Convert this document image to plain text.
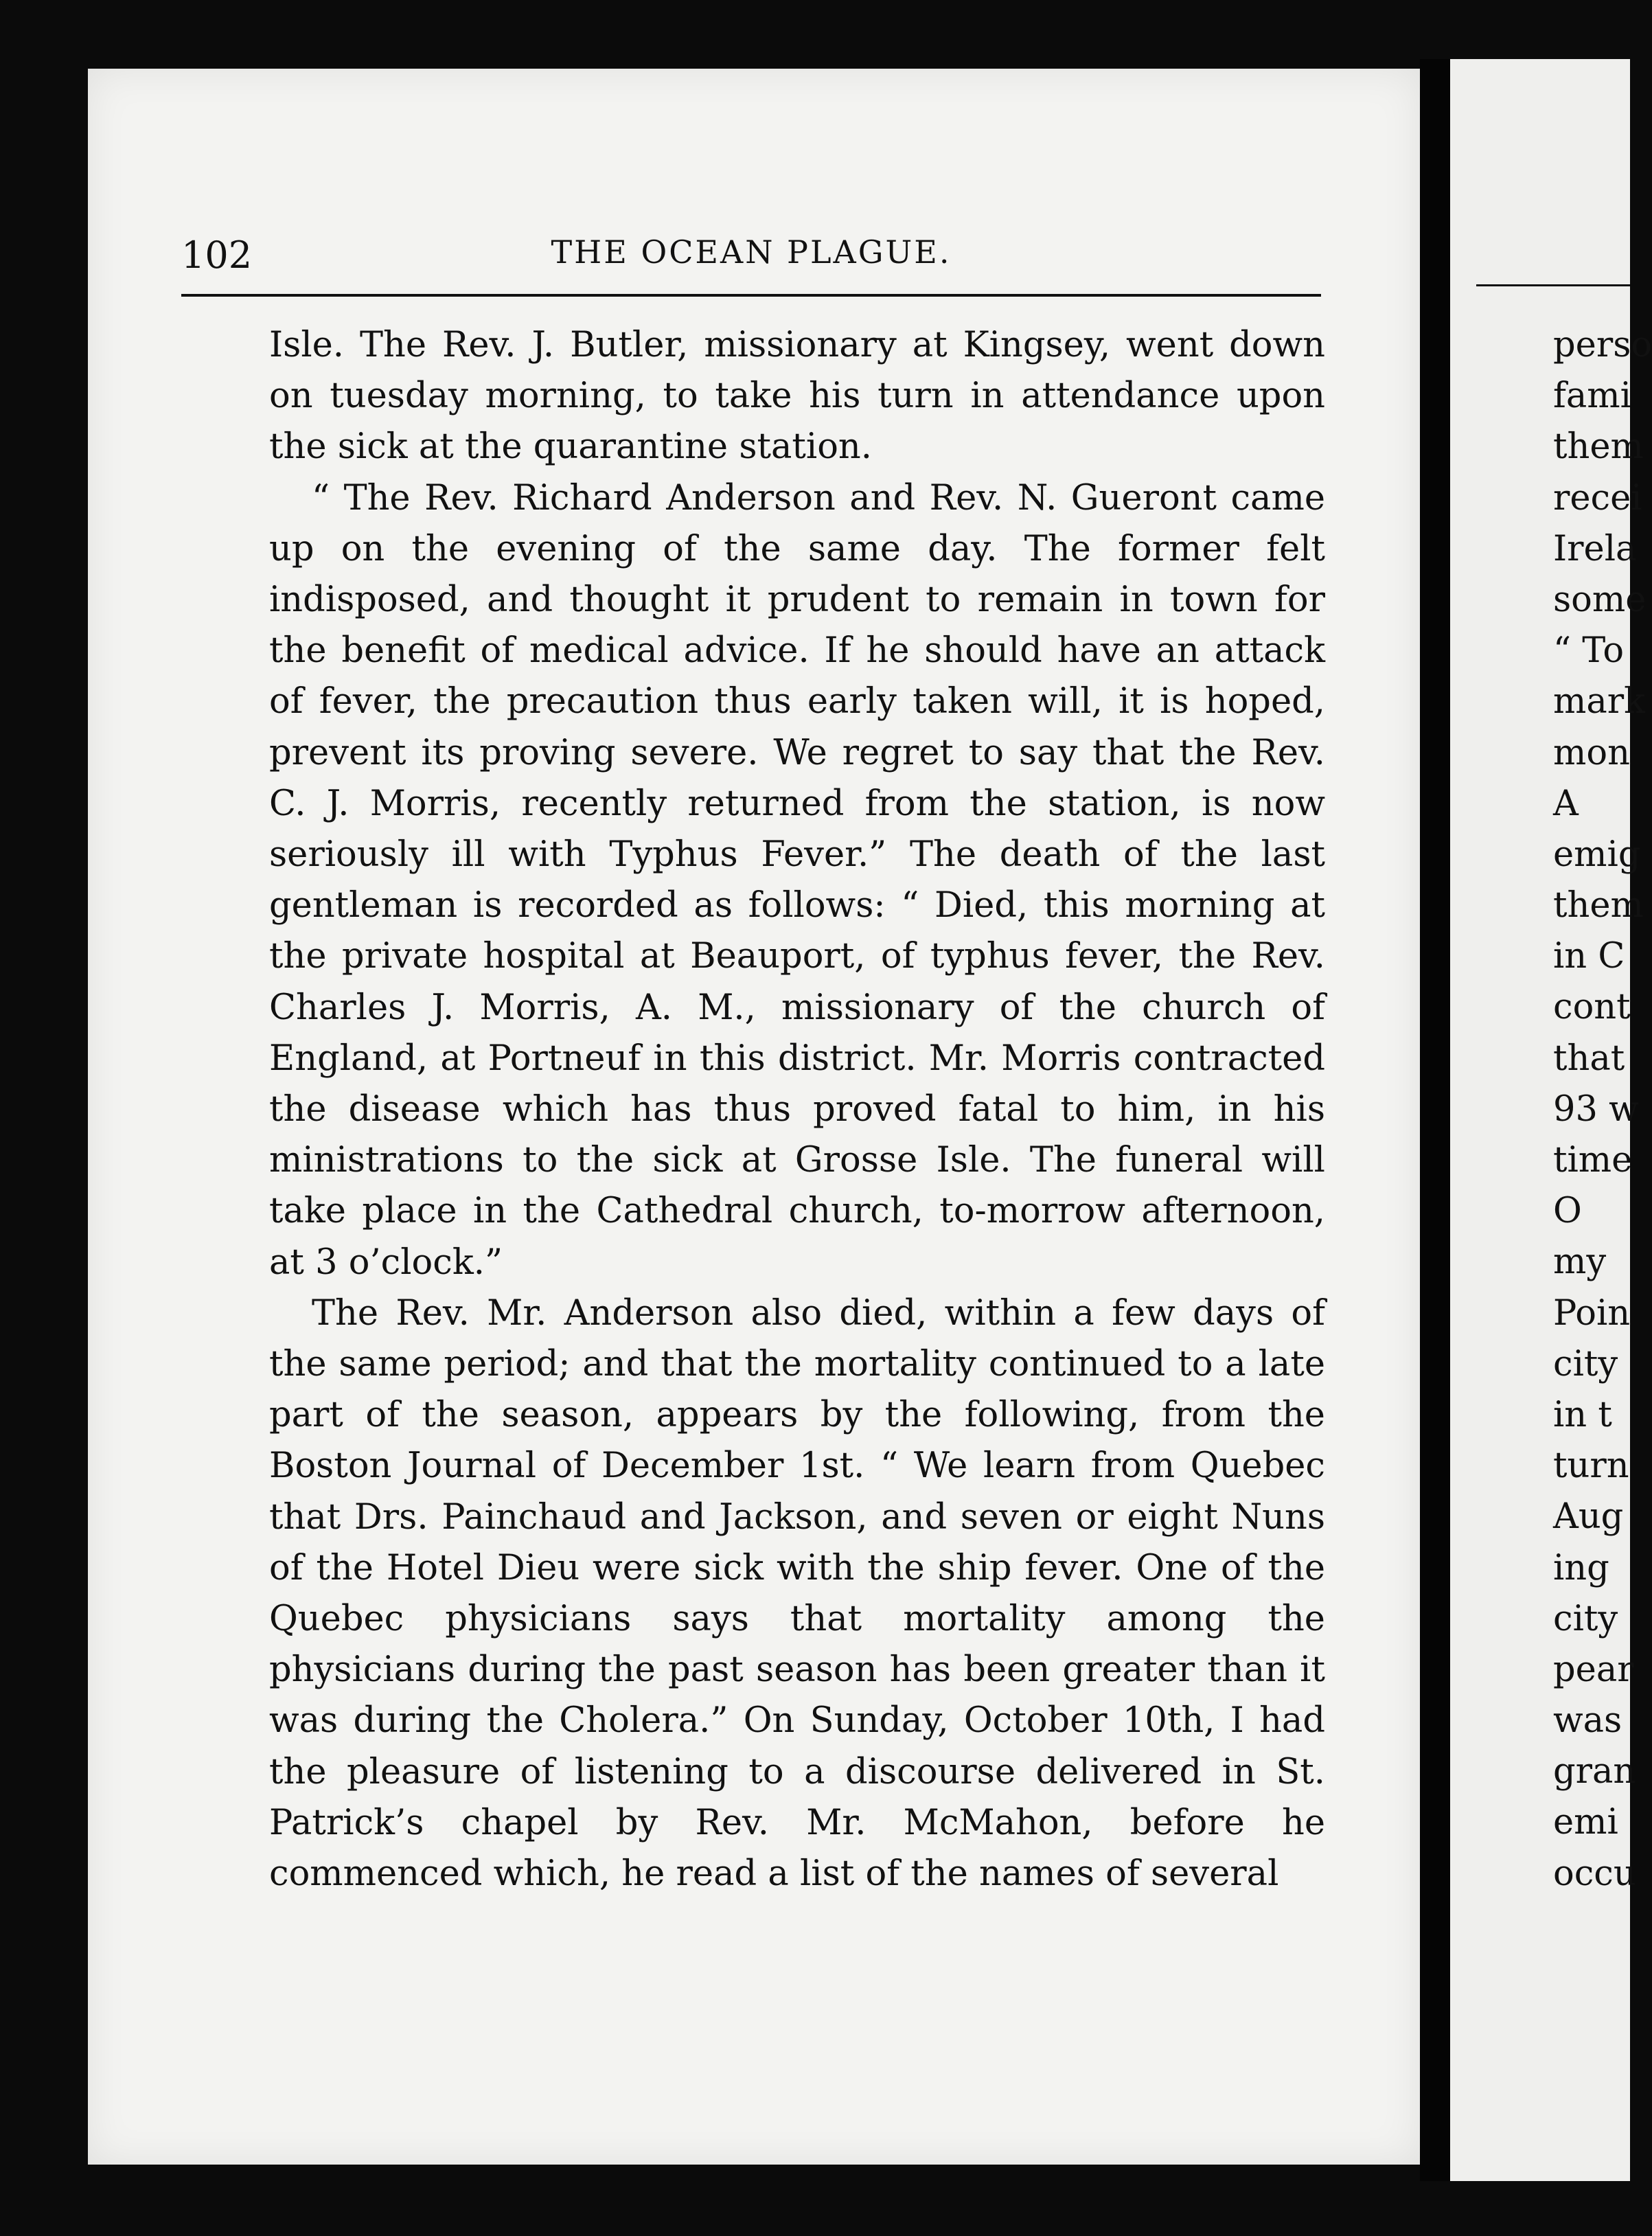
102	THE OCEAN PLAGUE.

Isle. The Rev. J. Butler, missionary at Kingsey, went down on tuesday morning, to take his turn in attendance upon the sick at the quarantine station.

“ The Rev. Richard Anderson and Rev. N. Gueront came up on the evening of the same day. The former felt indisposed, and thought it prudent to remain in town for the benefit of medical advice. If he should have an attack of fever, the precaution thus early taken will, it is hoped, prevent its proving severe. We regret to say that the Rev. C. J. Morris, recently returned from the station, is now seriously ill with Typhus Fever.” The death of the last gentleman is recorded as follows: “ Died, this morning at the private hospital at Beauport, of typhus fever, the Rev. Charles J. Morris, A. M., missionary of the church of England, at Portneuf in this district. Mr. Morris contracted the disease which has thus proved fatal to him, in his ministrations to the sick at Grosse Isle. The funeral will take place in the Cathedral church, to-morrow afternoon, at 3 o’clock.”

The Rev. Mr. Anderson also died, within a few days of the same period; and that the mortality continued to a late part of the season, appears by the following, from the Boston Journal of December 1st. “ We learn from Quebec that Drs. Painchaud and Jackson, and seven or eight Nuns of the Hotel Dieu were sick with the ship fever. One of the Quebec physicians says that mortality among the physicians during the past season has been greater than it was during the Cholera.” On Sunday, October 10th, I had the pleasure of listening to a discourse delivered in St. Patrick’s chapel by Rev. Mr. McMahon, before he commenced which, he read a list of the names of several

perso
fami
them
recei
Irela
some
“ To
mark
mon
A
emig
them
in C
cont
that
93 w
time
O
my
Poin
city
in t
turn
Aug
ing
city
pear
was
gran
emi
occu
